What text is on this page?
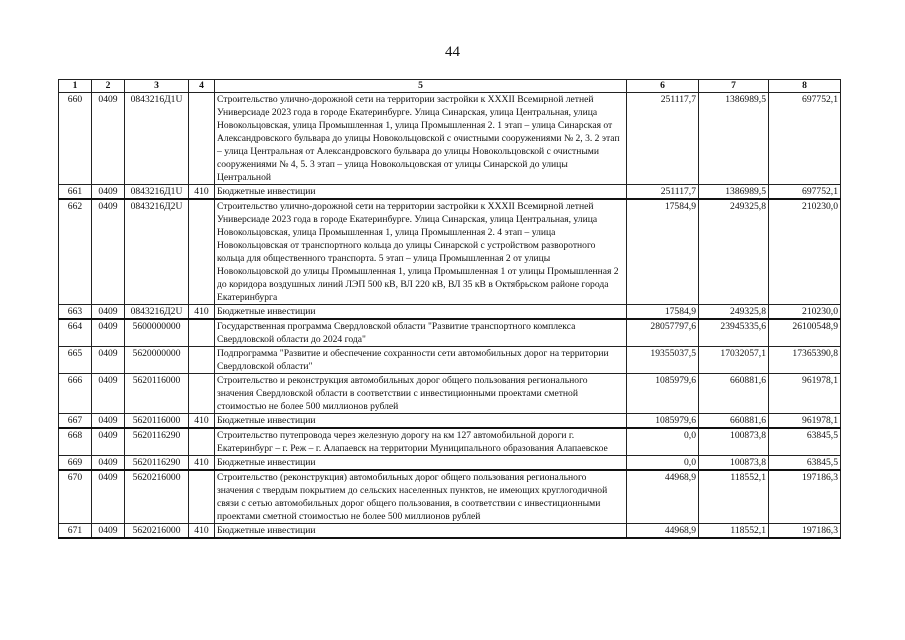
44
1	2	3	4	5	6	7	8
660	0409	0843216Д1U		Строительство улично-дорожной сети на территории застройки к XXXII Всемирной летней Универсиаде 2023 года в городе Екатеринбурге. Улица Синарская, улица Центральная, улица Новокольцовская, улица Промышленная 1, улица Промышленная 2. 1 этап – улица Синарская от Александровского бульвара до улицы Новокольцовской с очистными сооружениями № 2, 3. 2 этап – улица Центральная от Александровского бульвара до улицы Новокольцовской с очистными сооружениями № 4, 5. 3 этап – улица Новокольцовская от улицы Синарской до улицы Центральной	251117,7	1386989,5	697752,1
661	0409	0843216Д1U	410	Бюджетные инвестиции	251117,7	1386989,5	697752,1
662	0409	0843216Д2U		Строительство улично-дорожной сети на территории застройки к XXXII Всемирной летней Универсиаде 2023 года в городе Екатеринбурге. Улица Синарская, улица Центральная, улица Новокольцовская, улица Промышленная 1, улица Промышленная 2. 4 этап – улица Новокольцовская от транспортного кольца до улицы Синарской с устройством разворотного кольца для общественного транспорта. 5 этап – улица Промышленная 2 от улицы Новокольцовской до улицы Промышленная 1, улица Промышленная 1 от улицы Промышленная 2 до коридора воздушных линий ЛЭП 500 кВ, ВЛ 220 кВ, ВЛ 35 кВ в Октябрьском районе города Екатеринбурга	17584,9	249325,8	210230,0
663	0409	0843216Д2U	410	Бюджетные инвестиции	17584,9	249325,8	210230,0
664	0409	5600000000		Государственная программа Свердловской области "Развитие транспортного комплекса Свердловской области до 2024 года"	28057797,6	23945335,6	26100548,9
665	0409	5620000000		Подпрограмма "Развитие и обеспечение сохранности сети автомобильных дорог на территории Свердловской области"	19355037,5	17032057,1	17365390,8
666	0409	5620116000		Строительство и реконструкция автомобильных дорог общего пользования регионального значения Свердловской области в соответствии с инвестиционными проектами сметной стоимостью не более 500 миллионов рублей	1085979,6	660881,6	961978,1
667	0409	5620116000	410	Бюджетные инвестиции	1085979,6	660881,6	961978,1
668	0409	5620116290		Строительство путепровода через железную дорогу на км 127 автомобильной дороги г. Екатеринбург – г. Реж – г. Алапаевск на территории Муниципального образования Алапаевское	0,0	100873,8	63845,5
669	0409	5620116290	410	Бюджетные инвестиции	0,0	100873,8	63845,5
670	0409	5620216000		Строительство (реконструкция) автомобильных дорог общего пользования регионального значения с твердым покрытием до сельских населенных пунктов, не имеющих круглогодичной связи с сетью автомобильных дорог общего пользования, в соответствии с инвестиционными проектами сметной стоимостью не более 500 миллионов рублей	44968,9	118552,1	197186,3
671	0409	5620216000	410	Бюджетные инвестиции	44968,9	118552,1	197186,3
